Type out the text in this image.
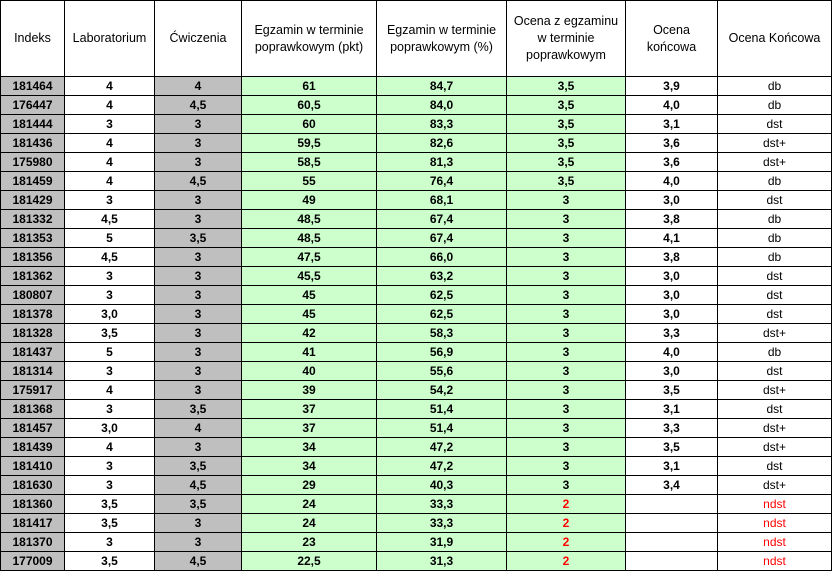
Indeks	Laboratorium	Ćwiczenia	Egzamin w terminie poprawkowym (pkt)	Egzamin w terminie poprawkowym (%)	Ocena z egzaminu w terminie poprawkowym	Ocena końcowa	Ocena Końcowa
181464	4	4	61	84,7	3,5	3,9	db
176447	4	4,5	60,5	84,0	3,5	4,0	db
181444	3	3	60	83,3	3,5	3,1	dst
181436	4	3	59,5	82,6	3,5	3,6	dst+
175980	4	3	58,5	81,3	3,5	3,6	dst+
181459	4	4,5	55	76,4	3,5	4,0	db
181429	3	3	49	68,1	3	3,0	dst
181332	4,5	3	48,5	67,4	3	3,8	db
181353	5	3,5	48,5	67,4	3	4,1	db
181356	4,5	3	47,5	66,0	3	3,8	db
181362	3	3	45,5	63,2	3	3,0	dst
180807	3	3	45	62,5	3	3,0	dst
181378	3,0	3	45	62,5	3	3,0	dst
181328	3,5	3	42	58,3	3	3,3	dst+
181437	5	3	41	56,9	3	4,0	db
181314	3	3	40	55,6	3	3,0	dst
175917	4	3	39	54,2	3	3,5	dst+
181368	3	3,5	37	51,4	3	3,1	dst
181457	3,0	4	37	51,4	3	3,3	dst+
181439	4	3	34	47,2	3	3,5	dst+
181410	3	3,5	34	47,2	3	3,1	dst
181630	3	4,5	29	40,3	3	3,4	dst+
181360	3,5	3,5	24	33,3	2		ndst
181417	3,5	3	24	33,3	2		ndst
181370	3	3	23	31,9	2		ndst
177009	3,5	4,5	22,5	31,3	2		ndst
